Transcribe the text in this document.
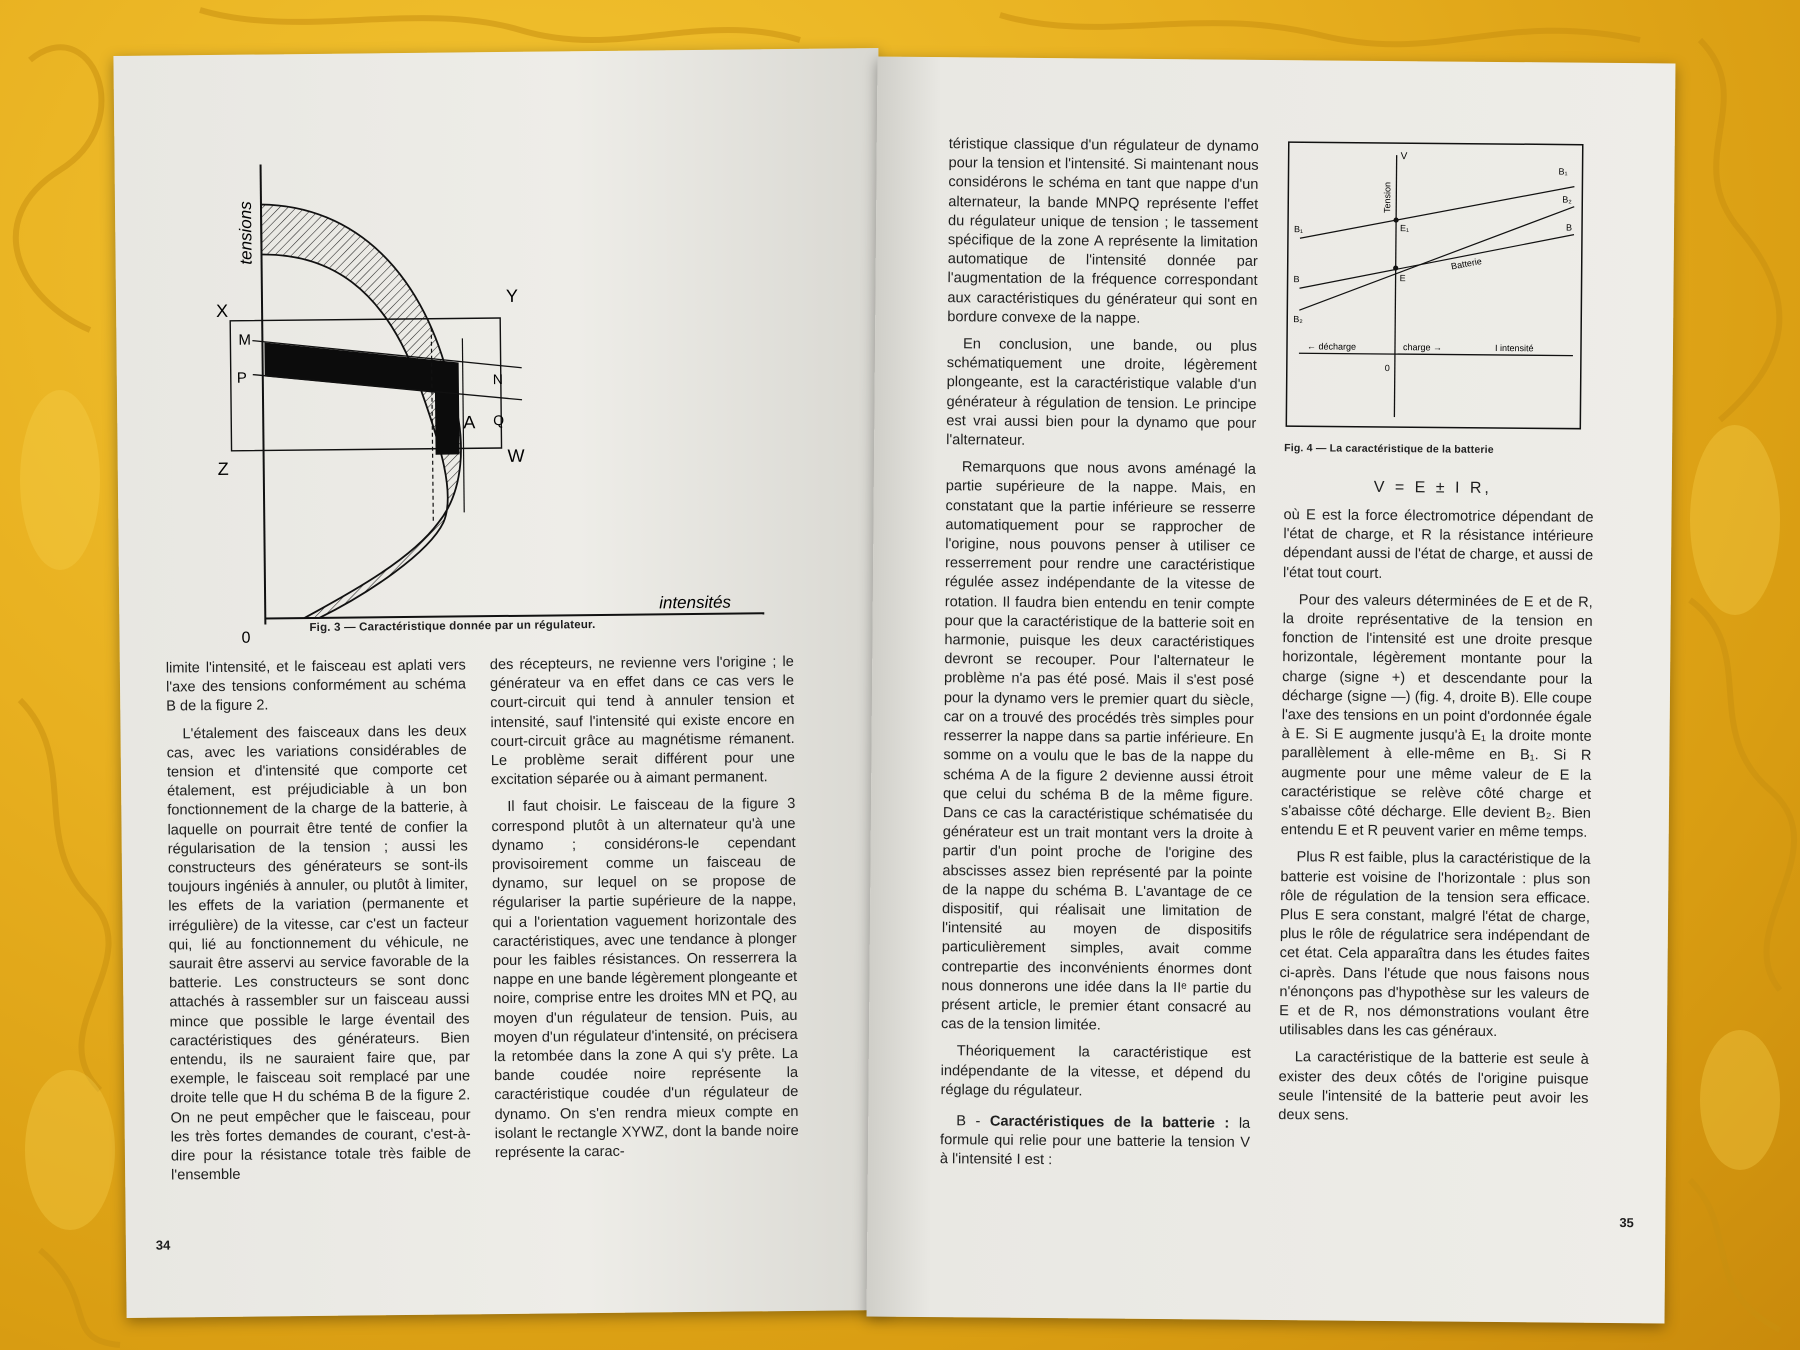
tensions
intensités
0
X
Y
Z
W
M
P	N
Q
A

Fig. 3 — Caractéristique donnée par un régulateur.

limite l'intensité, et le faisceau est aplati vers l'axe des tensions conformément au schéma B de la figure 2.

L'étalement des faisceaux dans les deux cas, avec les variations considérables de tension et d'intensité que comporte cet étalement, est préjudiciable à un bon fonctionnement de la charge de la batterie, à laquelle on pourrait être tenté de confier la régularisation de la tension ; aussi les constructeurs des générateurs se sont-ils toujours ingéniés à annuler, ou plutôt à limiter, les effets de la variation (permanente et irrégulière) de la vitesse, car c'est un facteur qui, lié au fonctionnement du véhicule, ne saurait être asservi au service favorable de la batterie. Les constructeurs se sont donc attachés à rassembler sur un faisceau aussi mince que possible le large éventail des caractéristiques des générateurs. Bien entendu, ils ne sauraient faire que, par exemple, le faisceau soit remplacé par une droite telle que H du schéma B de la figure 2. On ne peut empêcher que le faisceau, pour les très fortes demandes de courant, c'est-à-dire pour la résistance totale très faible de l'ensemble

des récepteurs, ne revienne vers l'origine ; le générateur va en effet dans ce cas vers le court-circuit qui tend à annuler tension et intensité, sauf l'intensité qui existe encore en court-circuit grâce au magnétisme rémanent. Le problème serait différent pour une excitation séparée ou à aimant permanent.

Il faut choisir. Le faisceau de la figure 3 correspond plutôt à un alternateur qu'à une dynamo ; considérons-le cependant provisoirement comme un faisceau de dynamo, sur lequel on se propose de régulariser la partie supérieure de la nappe, qui a l'orientation vaguement horizontale des caractéristiques, avec une tendance à plonger pour les faibles résistances. On resserrera la nappe en une bande légèrement plongeante et noire, comprise entre les droites MN et PQ, au moyen d'un régulateur de tension. Puis, au moyen d'un régulateur d'intensité, on précisera la retombée dans la zone A qui s'y prête. La bande coudée noire représente la caractéristique coudée d'un régulateur de dynamo. On s'en rendra mieux compte en isolant le rectangle XYWZ, dont la bande noire représente la carac-

34

téristique classique d'un régulateur de dynamo pour la tension et l'intensité. Si maintenant nous considérons le schéma en tant que nappe d'un alternateur, la bande MNPQ représente l'effet du régulateur unique de tension ; le tassement spécifique de la zone A représente la limitation automatique de l'intensité donnée par l'augmentation de la fréquence correspondant aux caractéristiques du générateur qui sont en bordure convexe de la nappe.

En conclusion, une bande, ou plus schématiquement une droite, légèrement plongeante, est la caractéristique valable d'un générateur à régulation de tension. Le principe est vrai aussi bien pour la dynamo que pour l'alternateur.

Remarquons que nous avons aménagé la partie supérieure de la nappe. Mais, en constatant que la partie inférieure se resserre automatiquement pour se rapprocher de l'origine, nous pouvons penser à utiliser ce resserrement pour rendre une caractéristique régulée assez indépendante de la vitesse de rotation. Il faudra bien entendu en tenir compte pour que la caractéristique de la batterie soit en harmonie, puisque les deux caractéristiques devront se recouper. Pour l'alternateur le problème n'a pas été posé. Mais il s'est posé pour la dynamo vers le premier quart du siècle, car on a trouvé des procédés très simples pour resserrer la nappe dans sa partie inférieure. En somme on a voulu que le bas de la nappe du schéma A de la figure 2 devienne aussi étroit que celui du schéma B de la même figure. Dans ce cas la caractéristique schématisée du générateur est un trait montant vers la droite à partir d'un point proche de l'origine des abscisses assez bien représenté par la pointe de la nappe du schéma B. L'avantage de ce dispositif, qui réalisait une limitation de l'intensité au moyen de dispositifs particulièrement simples, avait comme contrepartie des inconvénients énormes dont nous donnerons une idée dans la IIᵉ partie du présent article, le premier étant consacré au cas de la tension limitée.

Théoriquement la caractéristique est indépendante de la vitesse, et dépend du réglage du régulateur.

B - Caractéristiques de la batterie : la formule qui relie pour une batterie la tension V à l'intensité I est :

V
Tension
B₁
B₂
B
B₁
B
B₂
E₁
E
Batterie
← décharge	charge →	I intensité
0

Fig. 4 — La caractéristique de la batterie

V = E ± I R,

où E est la force électromotrice dépendant de l'état de charge, et R la résistance intérieure dépendant aussi de l'état de charge, et aussi de l'état tout court.

Pour des valeurs déterminées de E et de R, la droite représentative de la tension en fonction de l'intensité est une droite presque horizontale, légèrement montante pour la charge (signe +) et descendante pour la décharge (signe —) (fig. 4, droite B). Elle coupe l'axe des tensions en un point d'ordonnée égale à E. Si E augmente jusqu'à E₁ la droite monte parallèlement à elle-même en B₁. Si R augmente pour une même valeur de E la caractéristique se relève côté charge et s'abaisse côté décharge. Elle devient B₂. Bien entendu E et R peuvent varier en même temps.

Plus R est faible, plus la caractéristique de la batterie est voisine de l'horizontale : plus son rôle de régulation de la tension sera efficace. Plus E sera constant, malgré l'état de charge, plus le rôle de régulatrice sera indépendant de cet état. Cela apparaîtra dans les études faites ci-après. Dans l'étude que nous faisons nous n'énonçons pas d'hypothèse sur les valeurs de E et de R, nos démonstrations voulant être utilisables dans les cas généraux.

La caractéristique de la batterie est seule à exister des deux côtés de l'origine puisque seule l'intensité de la batterie peut avoir les deux sens.

35
